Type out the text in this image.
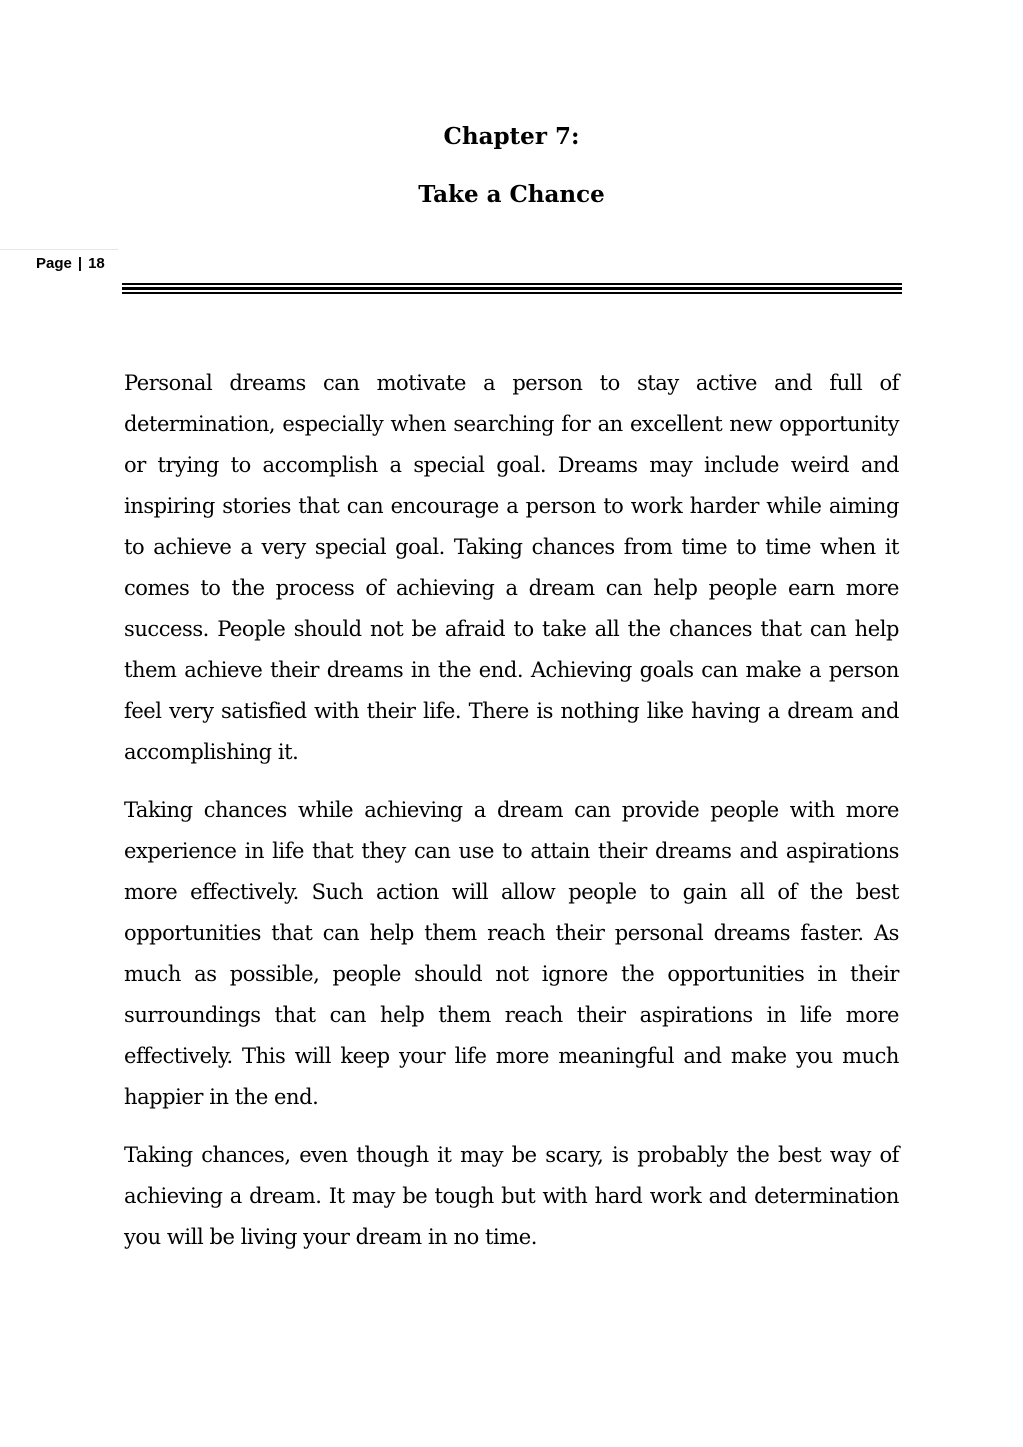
Chapter 7:
Take a Chance
Page | 18

Personal dreams can motivate a person to stay active and full of determination, especially when searching for an excellent new opportunity or trying to accomplish a special goal. Dreams may include weird and inspiring stories that can encourage a person to work harder while aiming to achieve a very special goal. Taking chances from time to time when it comes to the process of achieving a dream can help people earn more success. People should not be afraid to take all the chances that can help them achieve their dreams in the end. Achieving goals can make a person feel very satisfied with their life. There is nothing like having a dream and accomplishing it.

Taking chances while achieving a dream can provide people with more experience in life that they can use to attain their dreams and aspirations more effectively. Such action will allow people to gain all of the best opportunities that can help them reach their personal dreams faster. As much as possible, people should not ignore the opportunities in their surroundings that can help them reach their aspirations in life more effectively. This will keep your life more meaningful and make you much happier in the end.

Taking chances, even though it may be scary, is probably the best way of achieving a dream. It may be tough but with hard work and determination you will be living your dream in no time.
